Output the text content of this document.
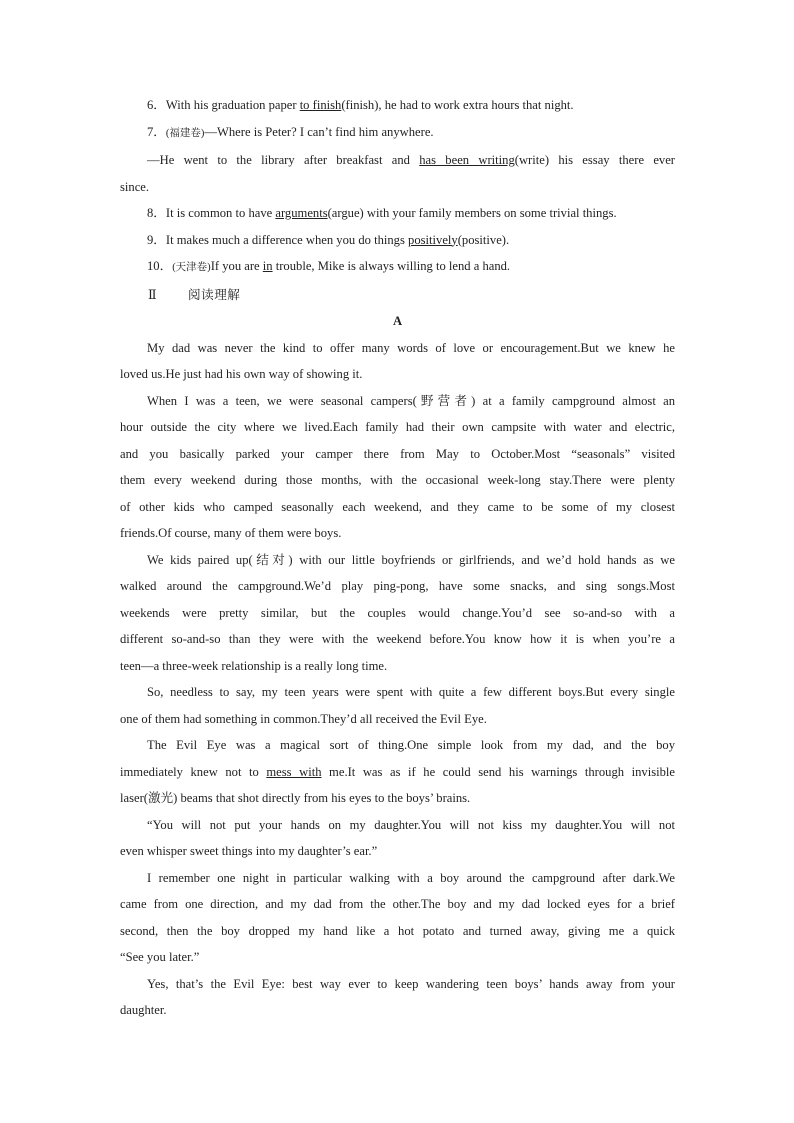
6．With his graduation paper to finish(finish), he had to work extra hours that night.

7．(福建卷)—Where is Peter? I can’t find him anywhere.

—He went to the library after breakfast and has been writing(write) his essay there ever

since.

8．It is common to have arguments(argue) with your family members on some trivial things.

9．It makes much a difference when you do things positively(positive).

10．(天津卷)If you are in trouble, Mike is always willing to lend a hand.

Ⅱ 阅读理解

A

My dad was never the kind to offer many words of love or encouragement.But we knew he

loved us.He just had his own way of showing it.

When I was a teen, we were seasonal campers(野营者) at a family campground almost an

hour outside the city where we lived.Each family had their own campsite with water and electric,

and you basically parked your camper there from May to October.Most “seasonals” visited

them every weekend during those months, with the occasional week-long stay.There were plenty

of other kids who camped seasonally each weekend, and they came to be some of my closest

friends.Of course, many of them were boys.

We kids paired up(结对) with our little boyfriends or girlfriends, and we’d hold hands as we

walked around the campground.We’d play ping-pong, have some snacks, and sing songs.Most

weekends were pretty similar, but the couples would change.You’d see so-and-so with a

different so-and-so than they were with the weekend before.You know how it is when you’re a

teen—a three-week relationship is a really long time.

So, needless to say, my teen years were spent with quite a few different boys.But every single

one of them had something in common.They’d all received the Evil Eye.

The Evil Eye was a magical sort of thing.One simple look from my dad, and the boy

immediately knew not to mess with me.It was as if he could send his warnings through invisible

laser(激光) beams that shot directly from his eyes to the boys’ brains.

“You will not put your hands on my daughter.You will not kiss my daughter.You will not

even whisper sweet things into my daughter’s ear.”

I remember one night in particular walking with a boy around the campground after dark.We

came from one direction, and my dad from the other.The boy and my dad locked eyes for a brief

second, then the boy dropped my hand like a hot potato and turned away, giving me a quick

“See you later.”

Yes, that’s the Evil Eye: best way ever to keep wandering teen boys’ hands away from your

daughter.
